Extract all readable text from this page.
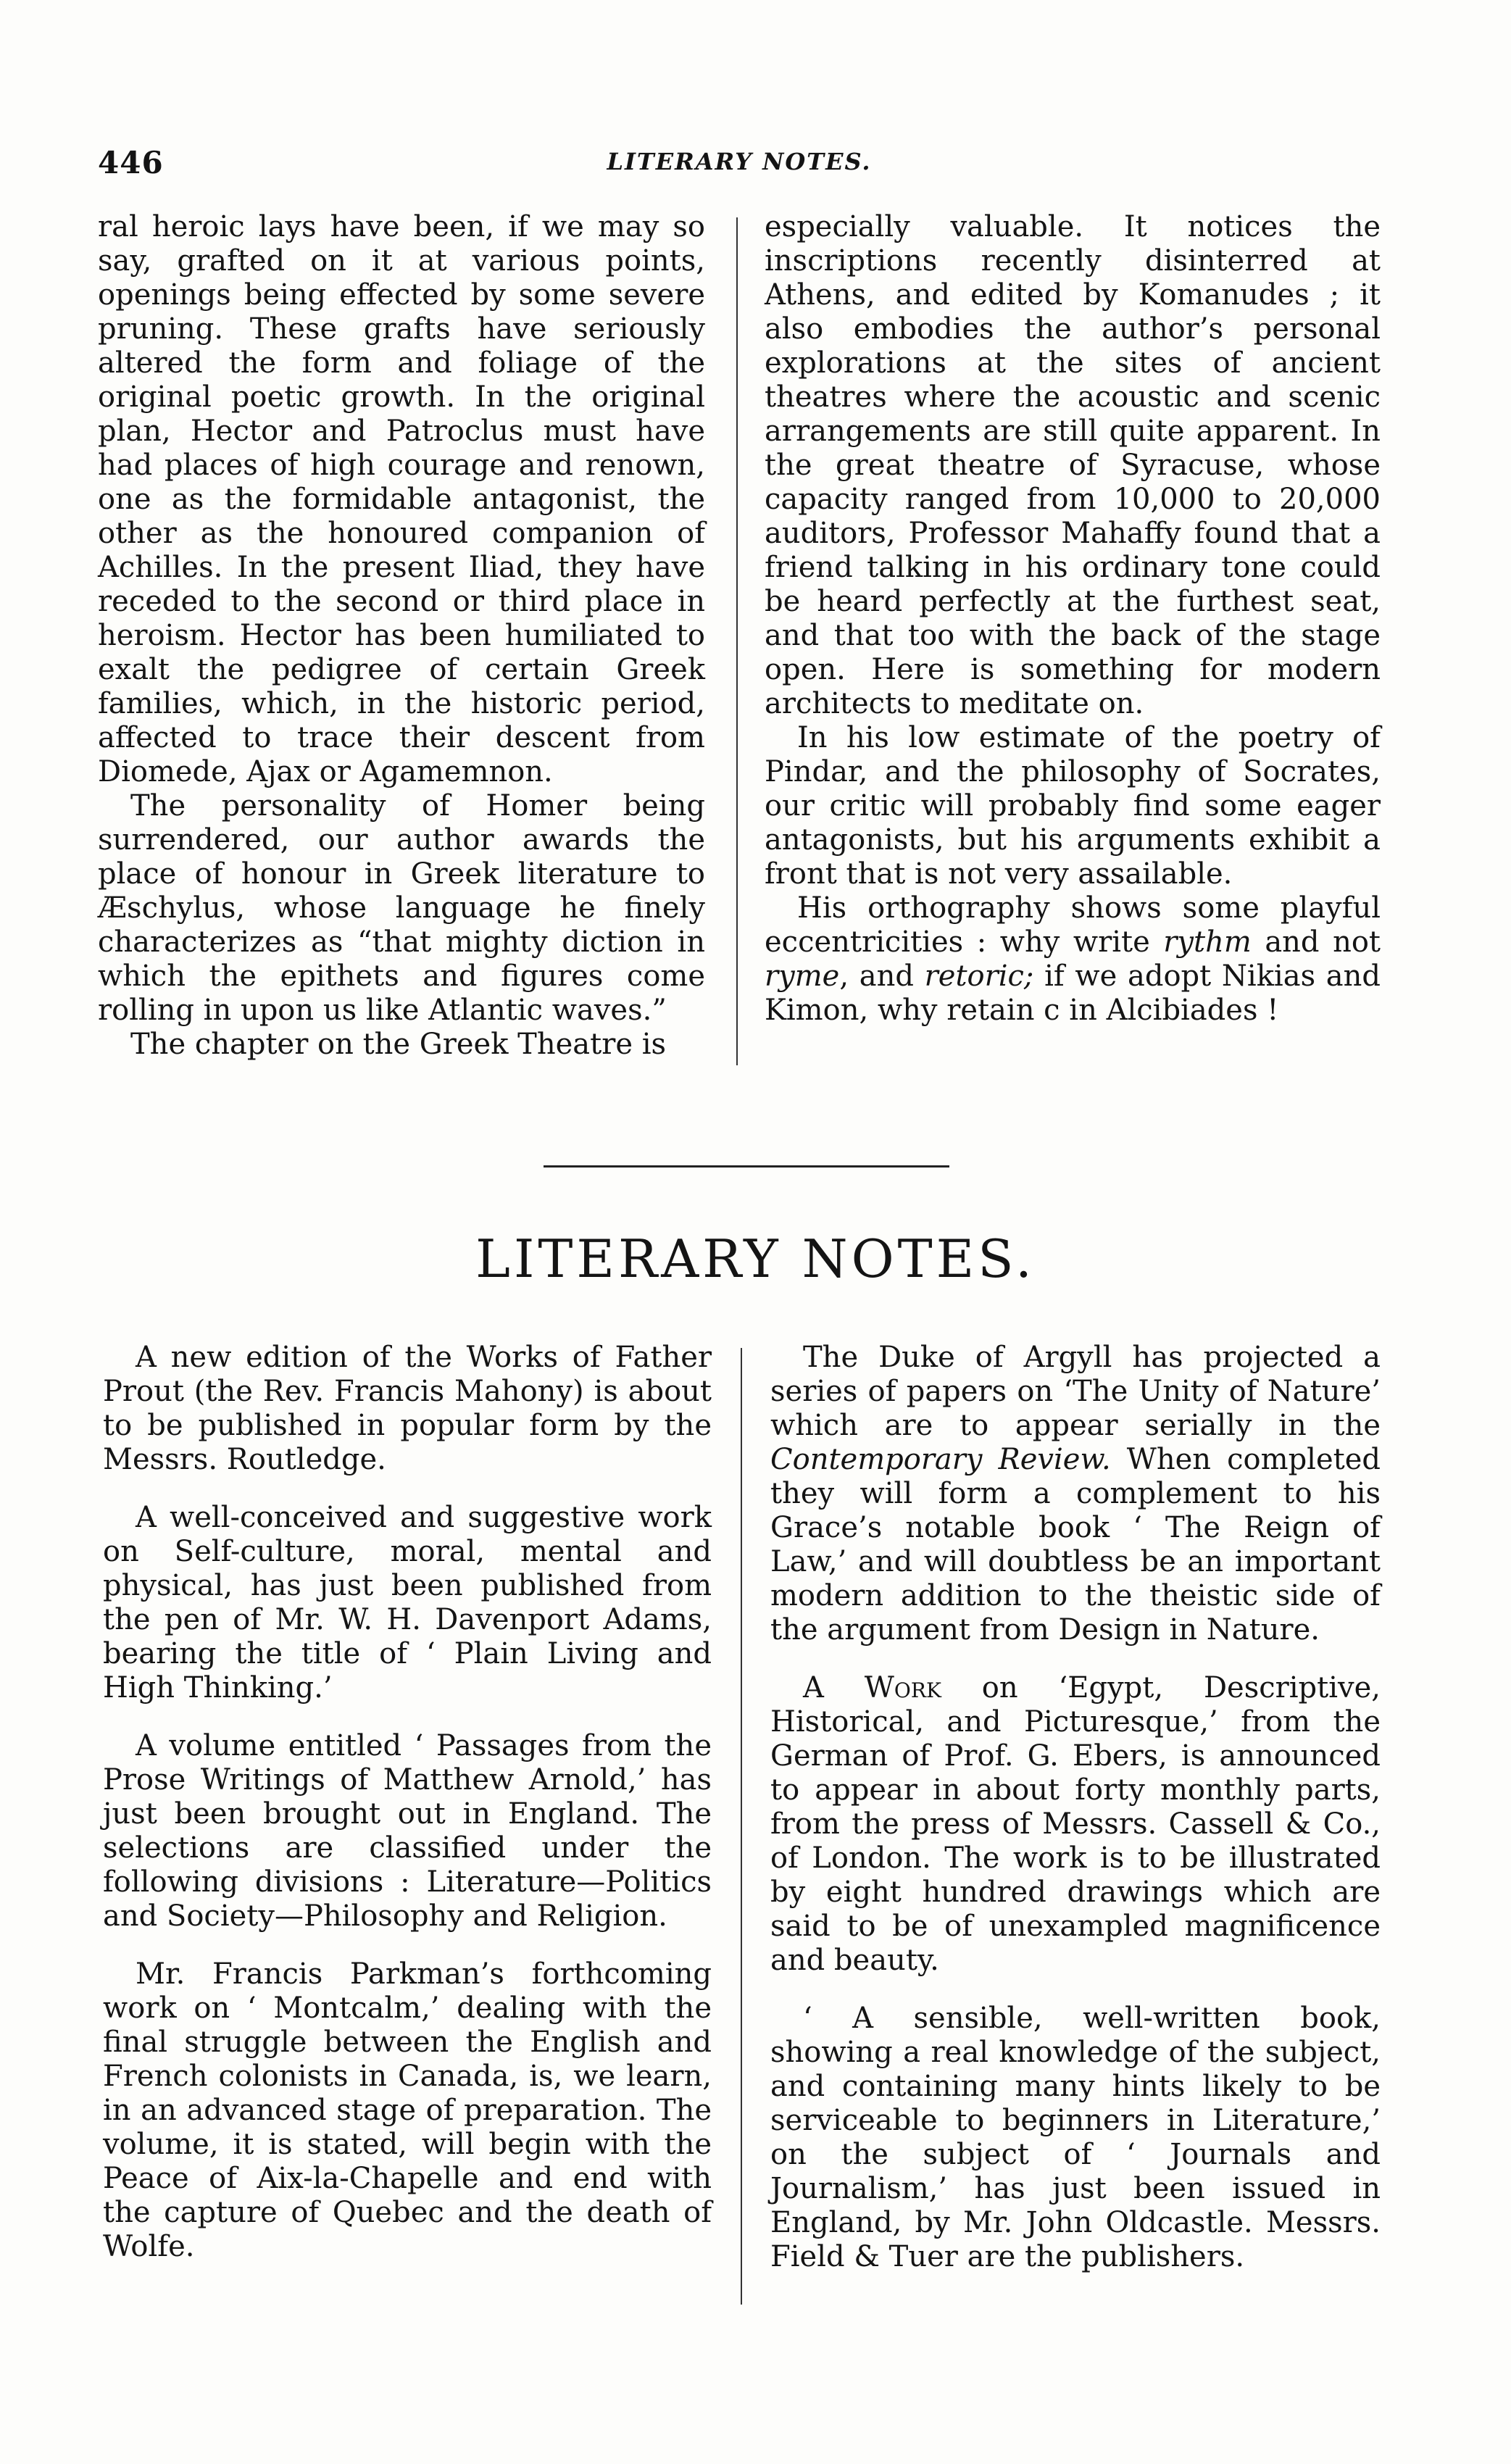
446	LITERARY NOTES.

ral heroic lays have been, if we may so say, grafted on it at various points, openings being effected by some severe pruning. These grafts have seriously altered the form and foliage of the original poetic growth. In the original plan, Hector and Patroclus must have had places of high courage and renown, one as the formidable antagonist, the other as the honoured companion of Achilles. In the present Iliad, they have receded to the second or third place in heroism. Hector has been humiliated to exalt the pedigree of certain Greek families, which, in the historic period, affected to trace their descent from Diomede, Ajax or Agamemnon.

The personality of Homer being surrendered, our author awards the place of honour in Greek literature to Æschylus, whose language he finely characterizes as “that mighty diction in which the epithets and figures come rolling in upon us like Atlantic waves.”

The chapter on the Greek Theatre is

especially valuable. It notices the inscriptions recently disinterred at Athens, and edited by Komanudes ; it also embodies the author’s personal explorations at the sites of ancient theatres where the acoustic and scenic arrangements are still quite apparent. In the great theatre of Syracuse, whose capacity ranged from 10,000 to 20,000 auditors, Professor Mahaffy found that a friend talking in his ordinary tone could be heard perfectly at the furthest seat, and that too with the back of the stage open. Here is something for modern architects to meditate on.

In his low estimate of the poetry of Pindar, and the philosophy of Socrates, our critic will probably find some eager antagonists, but his arguments exhibit a front that is not very assailable.

His orthography shows some playful eccentricities : why write rythm and not ryme, and retoric; if we adopt Nikias and Kimon, why retain c in Alcibiades !

LITERARY NOTES.

A new edition of the Works of Father Prout (the Rev. Francis Mahony) is about to be published in popular form by the Messrs. Routledge.

A well-conceived and suggestive work on Self-culture, moral, mental and physical, has just been published from the pen of Mr. W. H. Davenport Adams, bearing the title of ‘ Plain Living and High Thinking.’

A volume entitled ‘ Passages from the Prose Writings of Matthew Arnold,’ has just been brought out in England. The selections are classified under the following divisions : Literature—Politics and Society—Philosophy and Religion.

Mr. Francis Parkman’s forthcoming work on ‘ Montcalm,’ dealing with the final struggle between the English and French colonists in Canada, is, we learn, in an advanced stage of preparation. The volume, it is stated, will begin with the Peace of Aix-la-Chapelle and end with the capture of Quebec and the death of Wolfe.

The Duke of Argyll has projected a series of papers on ‘The Unity of Nature’ which are to appear serially in the Contemporary Review. When completed they will form a complement to his Grace’s notable book ‘ The Reign of Law,’ and will doubtless be an important modern addition to the theistic side of the argument from Design in Nature.

A Work on ‘Egypt, Descriptive, Historical, and Picturesque,’ from the German of Prof. G. Ebers, is announced to appear in about forty monthly parts, from the press of Messrs. Cassell & Co., of London. The work is to be illustrated by eight hundred drawings which are said to be of unexampled magnificence and beauty.

‘ A sensible, well-written book, showing a real knowledge of the subject, and containing many hints likely to be serviceable to beginners in Literature,’ on the subject of ‘ Journals and Journalism,’ has just been issued in England, by Mr. John Oldcastle. Messrs. Field & Tuer are the publishers.
